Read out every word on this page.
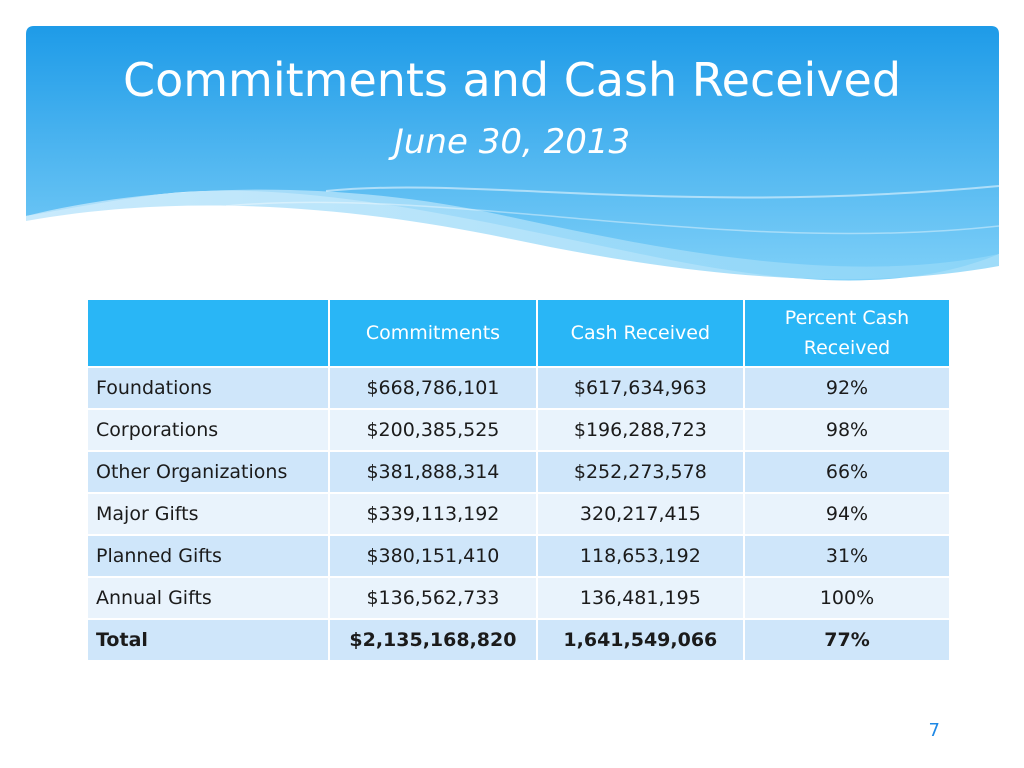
Commitments and Cash Received
June 30, 2013
	Commitments	Cash Received	Percent Cash Received
Foundations	$668,786,101	$617,634,963	92%
Corporations	$200,385,525	$196,288,723	98%
Other Organizations	$381,888,314	$252,273,578	66%
Major Gifts	$339,113,192	320,217,415	94%
Planned Gifts	$380,151,410	118,653,192	31%
Annual Gifts	$136,562,733	136,481,195	100%
Total	$2,135,168,820	1,641,549,066	77%
7
